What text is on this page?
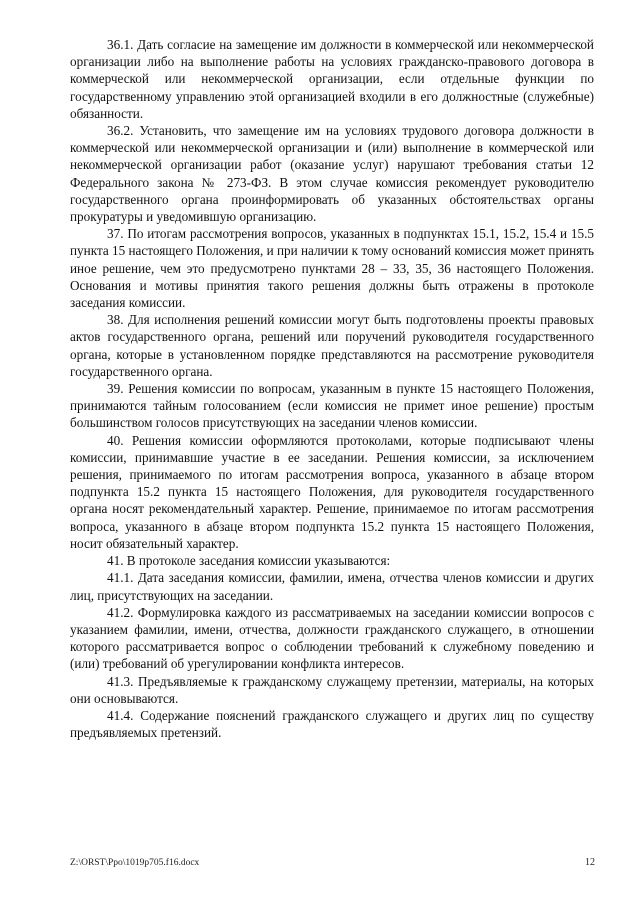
36.1. Дать согласие на замещение им должности в коммерческой или некоммерческой организации либо на выполнение работы на условиях гражданско-правового договора в коммерческой или некоммерческой организации, если отдельные функции по государственному управлению этой организацией входили в его должностные (служебные) обязанности.

36.2. Установить, что замещение им на условиях трудового договора должности в коммерческой или некоммерческой организации и (или) выполнение в коммерческой или некоммерческой организации работ (оказание услуг) нарушают требования статьи 12 Федерального закона № 273-ФЗ. В этом случае комиссия рекомендует руководителю государственного органа проинформировать об указанных обстоятельствах органы прокуратуры и уведомившую организацию.

37. По итогам рассмотрения вопросов, указанных в подпунктах 15.1, 15.2, 15.4 и 15.5 пункта 15 настоящего Положения, и при наличии к тому оснований комиссия может принять иное решение, чем это предусмотрено пунктами 28 – 33, 35, 36 настоящего Положения. Основания и мотивы принятия такого решения должны быть отражены в протоколе заседания комиссии.

38. Для исполнения решений комиссии могут быть подготовлены проекты правовых актов государственного органа, решений или поручений руководителя государственного органа, которые в установленном порядке представляются на рассмотрение руководителя государственного органа.

39. Решения комиссии по вопросам, указанным в пункте 15 настоящего Положения, принимаются тайным голосованием (если комиссия не примет иное решение) простым большинством голосов присутствующих на заседании членов комиссии.

40. Решения комиссии оформляются протоколами, которые подписывают члены комиссии, принимавшие участие в ее заседании. Решения комиссии, за исключением решения, принимаемого по итогам рассмотрения вопроса, указанного в абзаце втором подпункта 15.2 пункта 15 настоящего Положения, для руководителя государственного органа носят рекомендательный характер. Решение, принимаемое по итогам рассмотрения вопроса, указанного в абзаце втором подпункта 15.2 пункта 15 настоящего Положения, носит обязательный характер.

41. В протоколе заседания комиссии указываются:

41.1. Дата заседания комиссии, фамилии, имена, отчества членов комиссии и других лиц, присутствующих на заседании.

41.2. Формулировка каждого из рассматриваемых на заседании комиссии вопросов с указанием фамилии, имени, отчества, должности гражданского служащего, в отношении которого рассматривается вопрос о соблюдении требований к служебному поведению и (или) требований об урегулировании конфликта интересов.

41.3. Предъявляемые к гражданскому служащему претензии, материалы, на которых они основываются.

41.4. Содержание пояснений гражданского служащего и других лиц по существу предъявляемых претензий.

Z:\ORST\Ppo\1019p705.f16.docx	12
